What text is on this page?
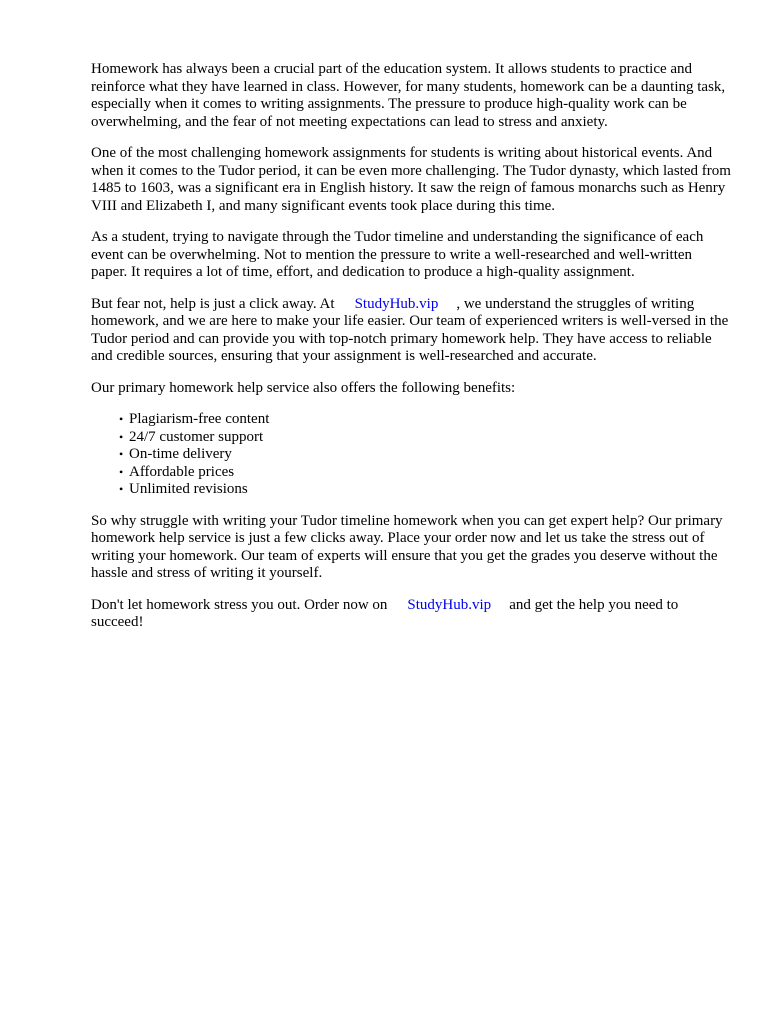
Homework has always been a crucial part of the education system. It allows students to practice and reinforce what they have learned in class. However, for many students, homework can be a daunting task, especially when it comes to writing assignments. The pressure to produce high-quality work can be overwhelming, and the fear of not meeting expectations can lead to stress and anxiety.

One of the most challenging homework assignments for students is writing about historical events. And when it comes to the Tudor period, it can be even more challenging. The Tudor dynasty, which lasted from 1485 to 1603, was a significant era in English history. It saw the reign of famous monarchs such as Henry VIII and Elizabeth I, and many significant events took place during this time.

As a student, trying to navigate through the Tudor timeline and understanding the significance of each event can be overwhelming. Not to mention the pressure to write a well-researched and well-written paper. It requires a lot of time, effort, and dedication to produce a high-quality assignment.

But fear not, help is just a click away. At StudyHub.vip , we understand the struggles of writing homework, and we are here to make your life easier. Our team of experienced writers is well-versed in the Tudor period and can provide you with top-notch primary homework help. They have access to reliable and credible sources, ensuring that your assignment is well-researched and accurate.

Our primary homework help service also offers the following benefits:

• Plagiarism-free content
• 24/7 customer support
• On-time delivery
• Affordable prices
• Unlimited revisions

So why struggle with writing your Tudor timeline homework when you can get expert help? Our primary homework help service is just a few clicks away. Place your order now and let us take the stress out of writing your homework. Our team of experts will ensure that you get the grades you deserve without the hassle and stress of writing it yourself.

Don't let homework stress you out. Order now on StudyHub.vip and get the help you need to succeed!
